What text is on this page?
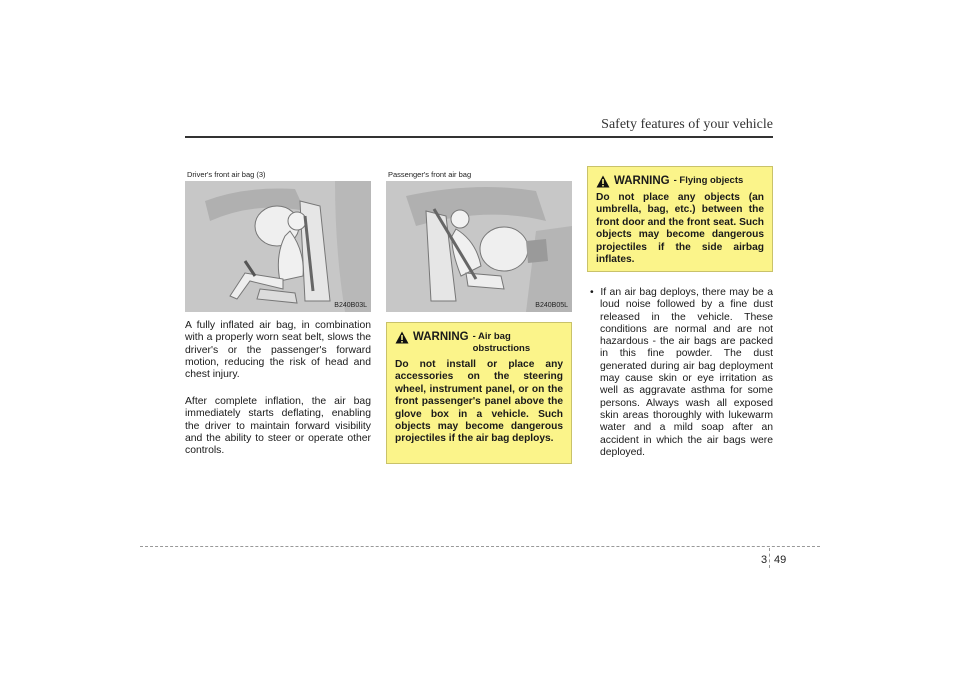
Safety features of your vehicle
Driver's front air bag (3)
B240B03L
A fully inflated air bag, in combination with a properly worn seat belt, slows the driver's or the passenger's forward motion, reducing the risk of head and chest injury.
After complete inflation, the air bag immediately starts deflating, enabling the driver to maintain forward visibility and the ability to steer or operate other controls.
Passenger's front air bag
B240B05L
WARNING - Air bag obstructions

Do not install or place any accessories on the steering wheel, instrument panel, or on the front passenger's panel above the glove box in a vehicle. Such objects may become dangerous projectiles if the air bag deploys.

WARNING - Flying objects

Do not place any objects (an umbrella, bag, etc.) between the front door and the front seat. Such objects may become dangerous projectiles if the side airbag inflates.

•  If an air bag deploys, there may be a loud noise followed by a fine dust released in the vehicle. These conditions are normal and are not hazardous - the air bags are packed in this fine powder. The dust generated during air bag deployment may cause skin or eye irritation as well as aggravate asthma for some persons. Always wash all exposed skin areas thoroughly with lukewarm water and a mild soap after an accident in which the air bags were deployed.
3 49
